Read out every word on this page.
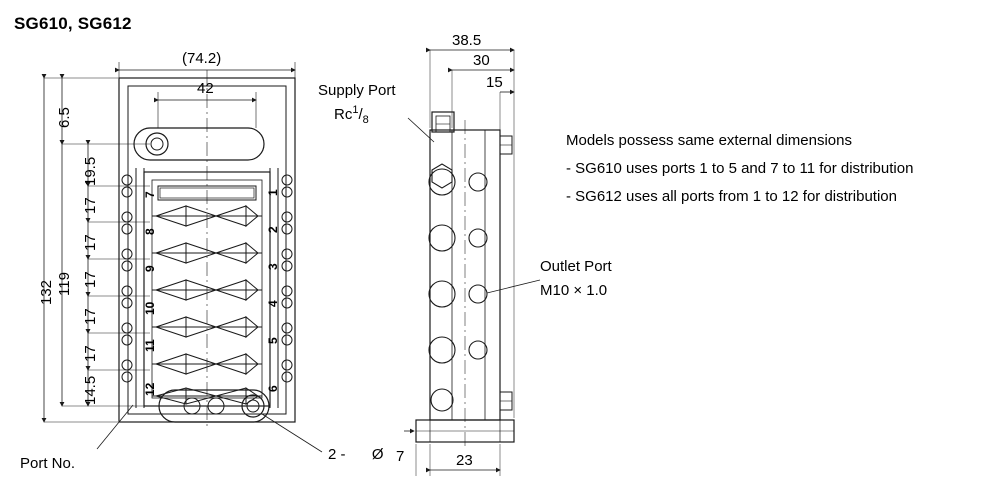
SG610, SG612
(74.2)
42
6.5
19.5
17
17
17
17
17
14.5
119
132
7
8
9
10
11
12
1
2
3
4
5
6
Port No.
2 - Ø
38.5
30
15
23
7
Supply Port
$Rc^1/_8$
Outlet Port
M10 × 1.0
Models possess same external dimensions
- SG610 uses ports 1 to 5 and 7 to 11 for distribution
- SG612 uses all ports from 1 to 12 for distribution
